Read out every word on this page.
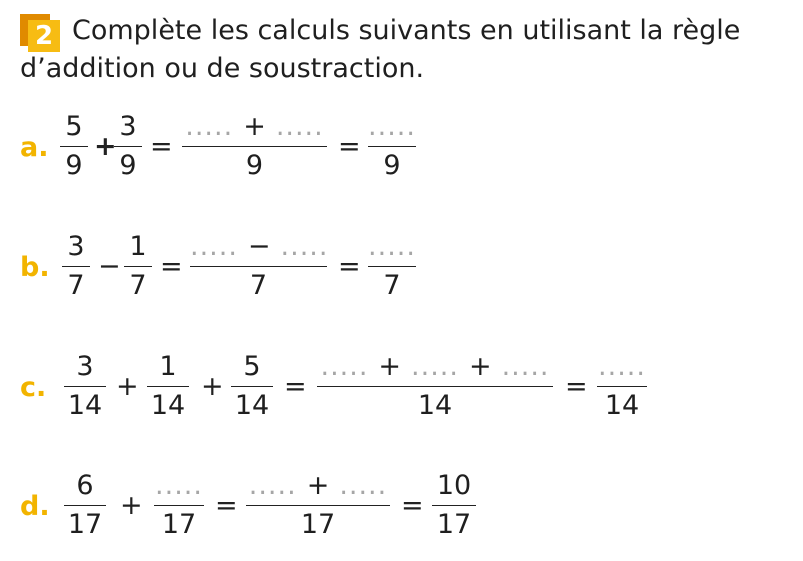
2 Complète les calculs suivants en utilisant la règle d’addition ou de soustraction.

a.
5
9
+
3
9
=
..... + .....
9
=
.....
9
b.
3
7
−
1
7
=
..... − .....
7
=
.....
7
c.
3
14
+
1
14
+
5
14
=
..... + ..... + .....
14
=
.....
14
d.
6
17
+
.....
17
=
..... + .....
17
=
10
17
